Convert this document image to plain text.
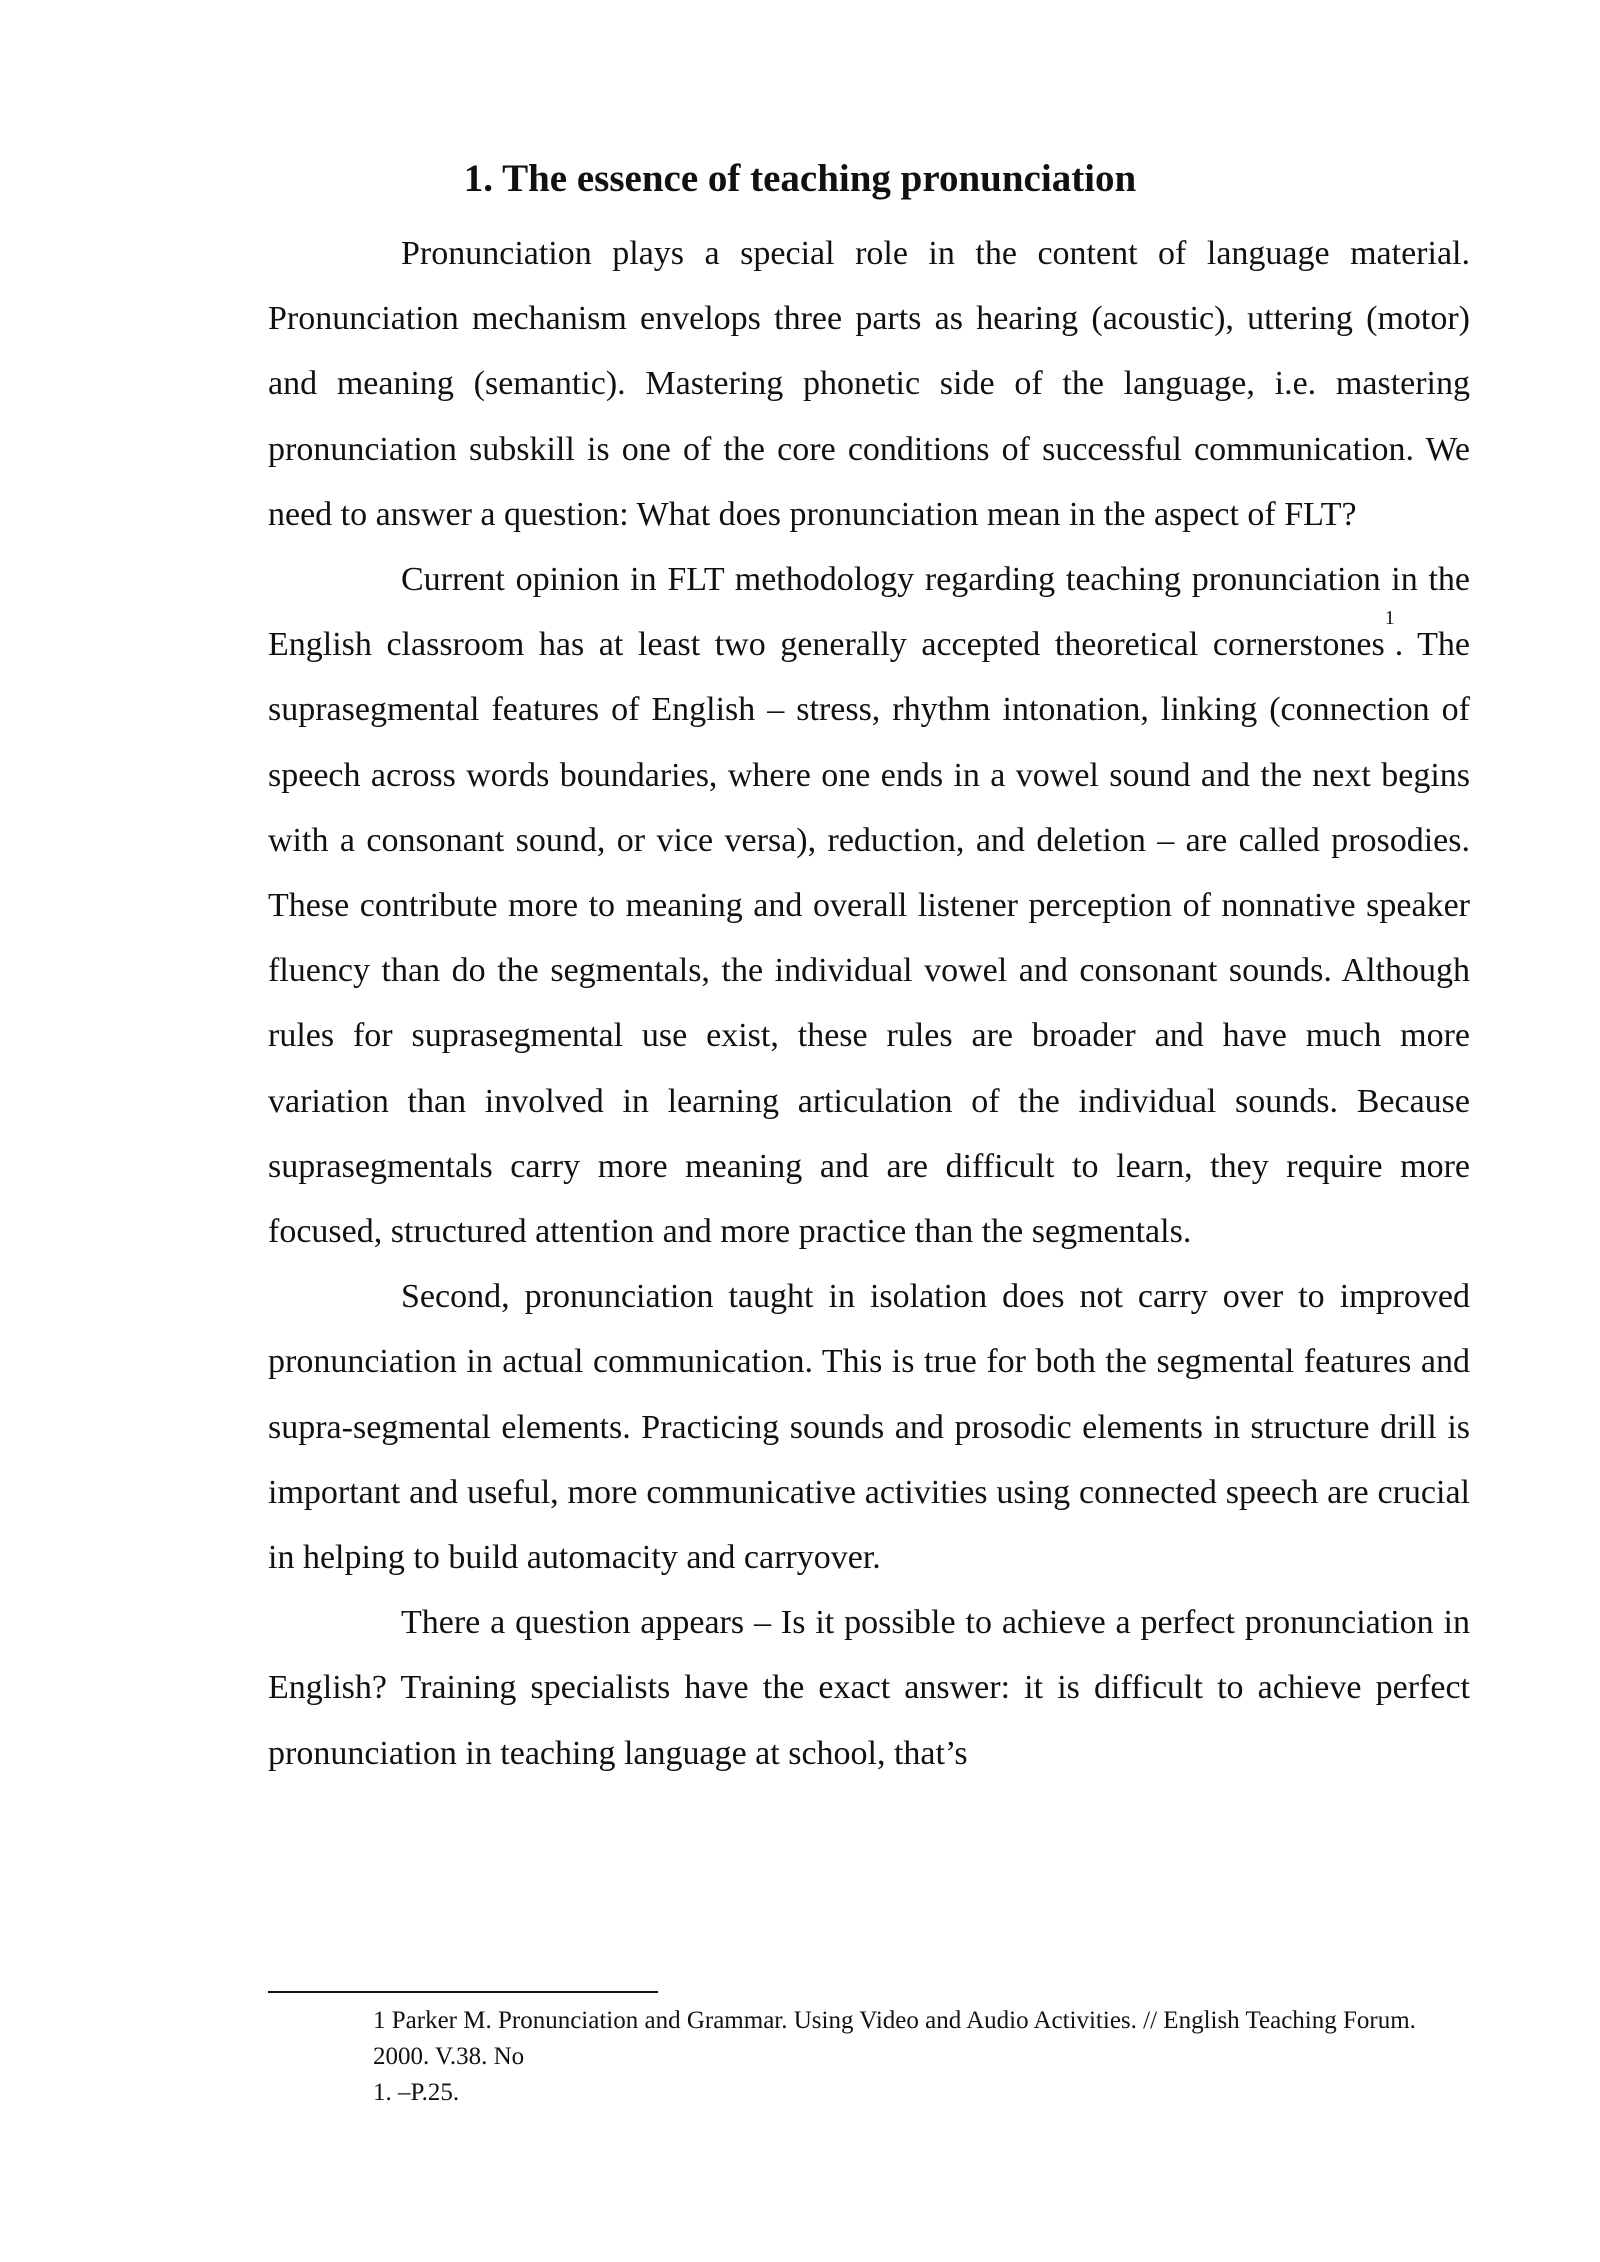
1. The essence of teaching pronunciation

Pronunciation plays a special role in the content of language material. Pronunciation mechanism envelops three parts as hearing (acoustic), uttering (motor) and meaning (semantic). Mastering phonetic side of the language, i.e. mastering pronunciation subskill is one of the core conditions of successful communication. We need to answer a question: What does pronunciation mean in the aspect of FLT?

Current opinion in FLT methodology regarding teaching pronunciation in the English classroom has at least two generally accepted theoretical cornerstones$^1$. The suprasegmental features of English – stress, rhythm intonation, linking (connection of speech across words boundaries, where one ends in a vowel sound and the next begins with a consonant sound, or vice versa), reduction, and deletion – are called prosodies. These contribute more to meaning and overall listener perception of nonnative speaker fluency than do the segmentals, the individual vowel and consonant sounds. Although rules for suprasegmental use exist, these rules are broader and have much more variation than involved in learning articulation of the individual sounds. Because suprasegmentals carry more meaning and are difficult to learn, they require more focused, structured attention and more practice than the segmentals.

Second, pronunciation taught in isolation does not carry over to improved pronunciation in actual communication. This is true for both the segmental features and supra-segmental elements. Practicing sounds and prosodic elements in structure drill is important and useful, more communicative activities using connected speech are crucial in helping to build automacity and carryover.

There a question appears – Is it possible to achieve a perfect pronunciation in English? Training specialists have the exact answer: it is difficult to achieve perfect pronunciation in teaching language at school, that’s

1 Parker M. Pronunciation and Grammar. Using Video and Audio Activities. // English Teaching Forum. 2000. V.38. No

1. –P.25.
